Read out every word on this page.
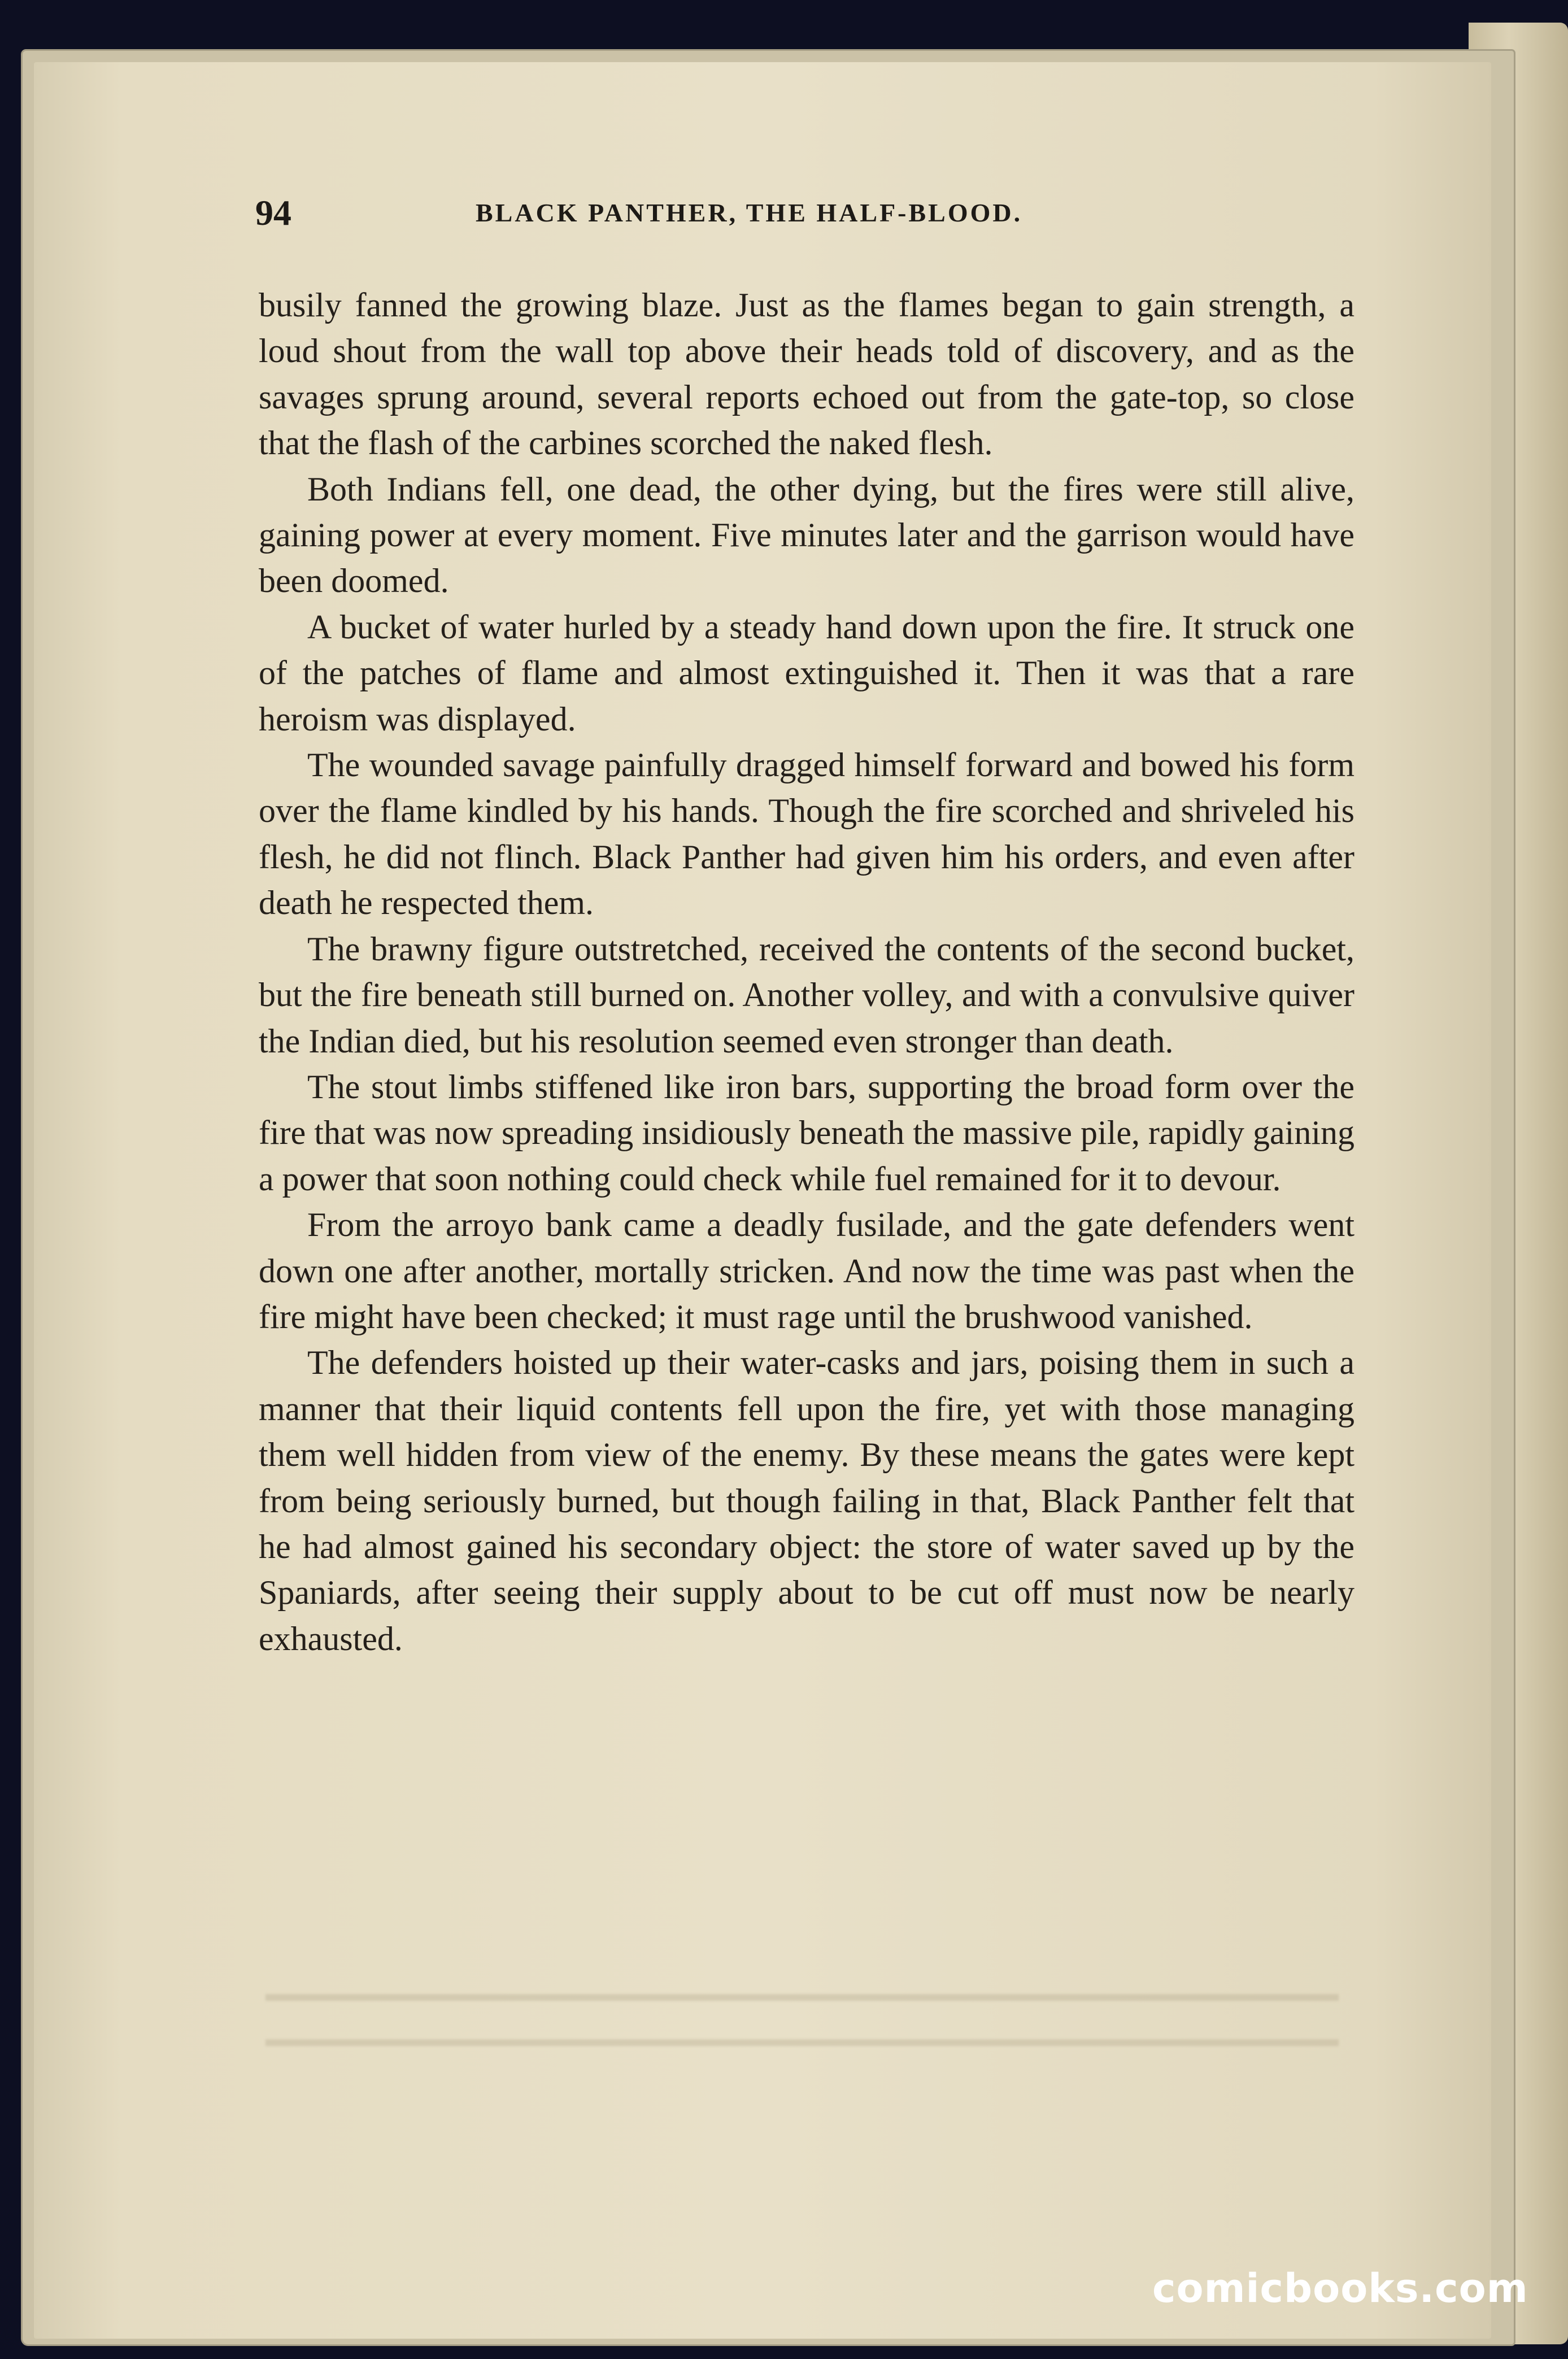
94	BLACK PANTHER, THE HALF-BLOOD.

busily fanned the growing blaze. Just as the flames began to gain strength, a loud shout from the wall top above their heads told of discovery, and as the savages sprung around, several reports echoed out from the gate-top, so close that the flash of the carbines scorched the naked flesh.

Both Indians fell, one dead, the other dying, but the fires were still alive, gaining power at every moment. Five minutes later and the garrison would have been doomed.

A bucket of water hurled by a steady hand down upon the fire. It struck one of the patches of flame and almost extinguished it. Then it was that a rare heroism was displayed.

The wounded savage painfully dragged himself forward and bowed his form over the flame kindled by his hands. Though the fire scorched and shriveled his flesh, he did not flinch. Black Panther had given him his orders, and even after death he respected them.

The brawny figure outstretched, received the contents of the second bucket, but the fire beneath still burned on. Another volley, and with a convulsive quiver the Indian died, but his resolution seemed even stronger than death.

The stout limbs stiffened like iron bars, supporting the broad form over the fire that was now spreading insidiously beneath the massive pile, rapidly gaining a power that soon nothing could check while fuel remained for it to devour.

From the arroyo bank came a deadly fusilade, and the gate defenders went down one after another, mortally stricken. And now the time was past when the fire might have been checked; it must rage until the brushwood vanished.

The defenders hoisted up their water-casks and jars, poising them in such a manner that their liquid contents fell upon the fire, yet with those managing them well hidden from view of the enemy. By these means the gates were kept from being seriously burned, but though failing in that, Black Panther felt that he had almost gained his secondary object: the store of water saved up by the Spaniards, after seeing their supply about to be cut off must now be nearly exhausted.

comicbooks.com
